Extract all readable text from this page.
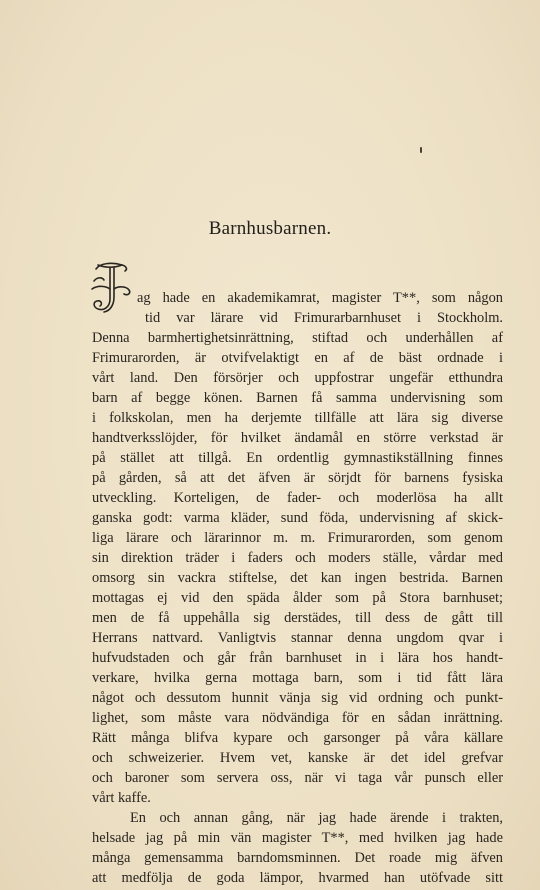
Barnhusbarnen.
ag hade en akademikamrat, magister T**, som någon
tid var lärare vid Frimurarbarnhuset i Stockholm.
Denna barmhertighetsinrättning, stiftad och underhållen af
Frimurarorden, är otvifvelaktigt en af de bäst ordnade i
vårt land. Den försörjer och uppfostrar ungefär etthundra
barn af begge könen. Barnen få samma undervisning som
i folkskolan, men ha derjemte tillfälle att lära sig diverse
handtverksslöjder, för hvilket ändamål en större verkstad är
på stället att tillgå. En ordentlig gymnastikställning finnes
på gården, så att det äfven är sörjdt för barnens fysiska
utveckling. Korteligen, de fader- och moderlösa ha allt
ganska godt: varma kläder, sund föda, undervisning af skick-
liga lärare och lärarinnor m. m. Frimurarorden, som genom
sin direktion träder i faders och moders ställe, vårdar med
omsorg sin vackra stiftelse, det kan ingen bestrida. Barnen
mottagas ej vid den späda ålder som på Stora barnhuset;
men de få uppehålla sig derstädes, till dess de gått till
Herrans nattvard. Vanligtvis stannar denna ungdom qvar i
hufvudstaden och går från barnhuset in i lära hos handt-
verkare, hvilka gerna mottaga barn, som i tid fått lära
något och dessutom hunnit vänja sig vid ordning och punkt-
lighet, som måste vara nödvändiga för en sådan inrättning.
Rätt många blifva kypare och garsonger på våra källare
och schweizerier. Hvem vet, kanske är det idel grefvar
och baroner som servera oss, när vi taga vår punsch eller
vårt kaffe.
En och annan gång, när jag hade ärende i trakten,
helsade jag på min vän magister T**, med hvilken jag hade
många gemensamma barndomsminnen. Det roade mig äfven
att medfölja de goda lämpor, hvarmed han utöfvade sitt
